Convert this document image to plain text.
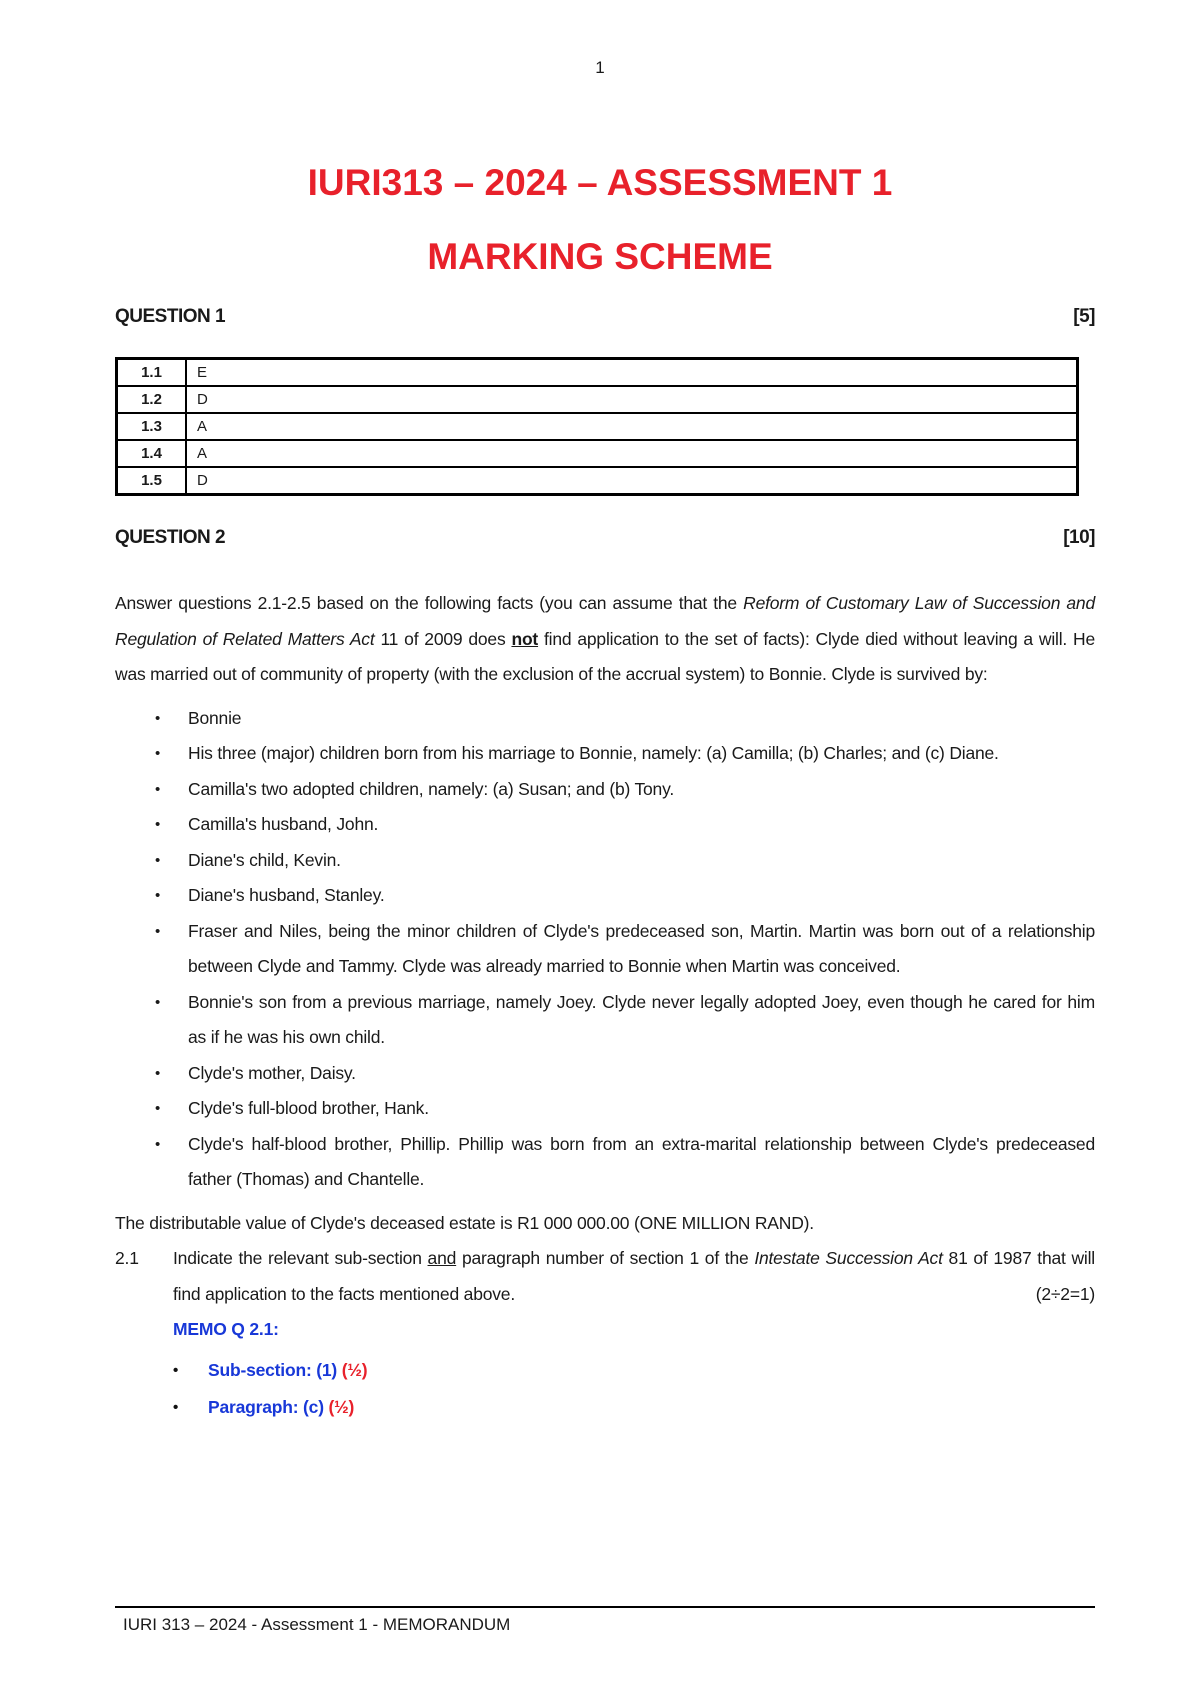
1
IURI313 – 2024 – ASSESSMENT 1
MARKING SCHEME
QUESTION 1	[5]
1.1	E
1.2	D
1.3	A
1.4	A
1.5	D
QUESTION 2	[10]

Answer questions 2.1-2.5 based on the following facts (you can assume that the Reform of Customary Law of Succession and Regulation of Related Matters Act 11 of 2009 does not find application to the set of facts): Clyde died without leaving a will. He was married out of community of property (with the exclusion of the accrual system) to Bonnie. Clyde is survived by:

• Bonnie
• His three (major) children born from his marriage to Bonnie, namely: (a) Camilla; (b) Charles; and (c) Diane.
• Camilla's two adopted children, namely: (a) Susan; and (b) Tony.
• Camilla's husband, John.
• Diane's child, Kevin.
• Diane's husband, Stanley.
• Fraser and Niles, being the minor children of Clyde's predeceased son, Martin. Martin was born out of a relationship between Clyde and Tammy. Clyde was already married to Bonnie when Martin was conceived.
• Bonnie's son from a previous marriage, namely Joey. Clyde never legally adopted Joey, even though he cared for him as if he was his own child.
• Clyde's mother, Daisy.
• Clyde's full-blood brother, Hank.
• Clyde's half-blood brother, Phillip. Phillip was born from an extra-marital relationship between Clyde's predeceased father (Thomas) and Chantelle.

The distributable value of Clyde's deceased estate is R1 000 000.00 (ONE MILLION RAND).

2.1 Indicate the relevant sub-section and paragraph number of section 1 of the Intestate Succession Act 81 of 1987 that will find application to the facts mentioned above.	(2÷2=1)

MEMO Q 2.1:

• Sub-section: (1) (½)
• Paragraph: (c) (½)
IURI 313 – 2024 - Assessment 1 - MEMORANDUM
